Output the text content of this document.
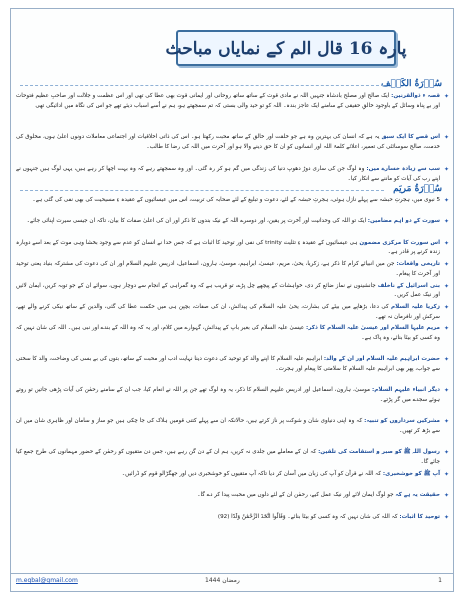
پارہ 16 قال الم کے نمایاں مباحث
سُوۡرَةُ الکَهۡف
✦
قصہ ء ذوالقرنین: ایک صالح اور مصلح بادشاہ جنہیں اللہ نے مادی قوت کے ساتھ ساتھ روحانی اور ایمانی قوت بھی عطا کی تھی اور اس عظمت و جلالت اور صاحبِ عظیم فتوحات اور بے پناہ وسائل کے باوجود خالقِ حقیقی کے سامنے ایک عاجز بندہ۔ اللہ کو تو حید والی بستی کہ تم سمجھتے ہو، ہم نے اُسے اسباب دیئے تھے جو اس کی نگاہ میں ادائیگی تھی
✦
اس قصے کا ایک سبق یہ ہے کہ انسان کی بہترین وہ ہے جو خلقت اور خالق کے ساتھ محبت رکھتا ہو۔ اس کی ذاتی اخلاقیات اور اجتماعی معاملات دونوں اعلیٰ ہوں، مخلوق کی خدمت، صالح سوسائٹی کی تعمیر، اعلائے کلمۃ اللہ اور انسانوں کو ان کا حق دینے والا ہو اور آخرت میں اللہ کی رضا کا طالب۔
✦
سب سے زیادہ خسارے میں: وہ لوگ جن کی ساری دوڑ دھوپ دنیا کی زندگی میں گم ہو کر رہ گئی۔ اور وہ سمجھتے رہے کہ وہ بہت اچھا کر رہے ہیں، یہی لوگ ہیں جنہوں نے اپنے رب کی آیات کو ماننے سے انکار کیا۔
سُوۡرَةُ مَريَم
✦
5 نبوی میں، ہجرتِ حبشہ سے پہلے نازل ہوئی، ہجرتِ حبشہ کے لئے، دعوت و تبلیغ کے لئے صحابہ کی تربیت، اس میں عیسائیوں کے عقیدہ ءِ مسیحیت کی بھی نفی کی گئی ہے۔
✦
سورت کے دو اہم مضامین: ایک تو اللہ کی وحدانیت اور آخرت پر یقین، اور دوسرے اللہ کے نیک بندوں کا ذکر اور ان کی اعلیٰ صفات کا بیان، تاکہ ان جیسی سیرت اپنائی جائے۔
✦
اس سورت کا مرکزی مضمون ہی عیسائیوں کے عقیدہ ءِ تثلیث trinity کی نفی اور توحید کا اثبات ہے کہ جس خدا نے انسان کو عدم سے وجود بخشا وہی موت کے بعد اسے دوبارہ زندہ کرنے پر قادر ہے۔
✦
تاریخی واقعات: جن میں انبیائے کرام کا ذکر ہے، زکریا، یحیٰ، مریم، عیسیٰ، ابراہیم، موسیٰ، ہارون، اسماعیل، ادریس علیہم السلام اور ان کی دعوت کی مشترکہ بنیاد یعنی توحید اور آخرت کا پیغام۔
✦
بنی اسرائیل کے ناخلف جانشینوں نے نماز ضائع کر دی، خواہشات کے پیچھے چل پڑے، تو قریب ہے کہ وہ گمراہی کے انجام سے دوچار ہوں، سوائے ان کے جو توبہ کریں، ایمان لائیں اور نیک عمل کریں۔
✦
زکریا علیہ السلام کی دعا، بڑھاپے میں بیٹے کی بشارت، یحیٰ علیہ السلام کی پیدائش، ان کی صفات، بچپن ہی میں حکمت عطا کی گئی، والدین کے ساتھ نیکی کرنے والے تھے، سرکش اور نافرمان نہ تھے۔
✦
مریم علیہا السلام اور عیسیٰ علیہ السلام کا ذکر: عیسیٰ علیہ السلام کی بغیر باپ کے پیدائش، گہوارے میں کلام، اور یہ کہ وہ اللہ کے بندے اور نبی ہیں۔ اللہ کی شان نہیں کہ وہ کسی کو بیٹا بنائے، وہ پاک ہے۔
✦
حضرت ابراہیم علیہ السلام اور ان کے والد: ابراہیم علیہ السلام کا اپنے والد کو توحید کی دعوت دینا نہایت ادب اور محبت کے ساتھ، بتوں کی بے بسی کی وضاحت، والد کا سختی سے جواب، پھر بھی ابراہیم علیہ السلام کا سلامتی کا پیغام اور ہجرت۔
✦
دیگر انبیاء علیہم السلام: موسیٰ، ہارون، اسماعیل اور ادریس علیہم السلام کا ذکر، یہ وہ لوگ تھے جن پر اللہ نے انعام کیا، جب ان کے سامنے رحمٰن کی آیات پڑھی جاتیں تو روتے ہوئے سجدے میں گر پڑتے۔
✦
مشرکین سرداروں کو تنبیہ: کہ وہ اپنی دنیاوی شان و شوکت پر ناز کرتے ہیں، حالانکہ ان سے پہلے کتنی قومیں ہلاک کی جا چکی ہیں جو ساز و سامان اور ظاہری شان میں ان سے بڑھ کر تھیں۔
✦
رسول اللہ ﷺ کو صبر و استقامت کی تلقین: کہ ان کے معاملے میں جلدی نہ کریں، ہم ان کے دن گن رہے ہیں، جس دن متقیوں کو رحمٰن کے حضور مہمانوں کی طرح جمع کیا جائے گا۔
✦
آپ ﷺ کو خوشخبری: کہ اللہ نے قرآن کو آپ کی زبان میں آسان کر دیا تاکہ آپ متقیوں کو خوشخبری دیں اور جھگڑالو قوم کو ڈرائیں۔
✦
حقیقت یہ ہے کہ جو لوگ ایمان لائے اور نیک عمل کیے، رحمٰن ان کے لئے دلوں میں محبت پیدا کر دے گا۔
✦
توحید کا اثبات: کہ اللہ کی شان نہیں کہ وہ کسی کو بیٹا بنائے۔ وَقَالُوا اتَّخَذَ الرَّحْمَٰنُ وَلَدًا (92)
m.eqbal@gmail.com	رمضان 1444	1
